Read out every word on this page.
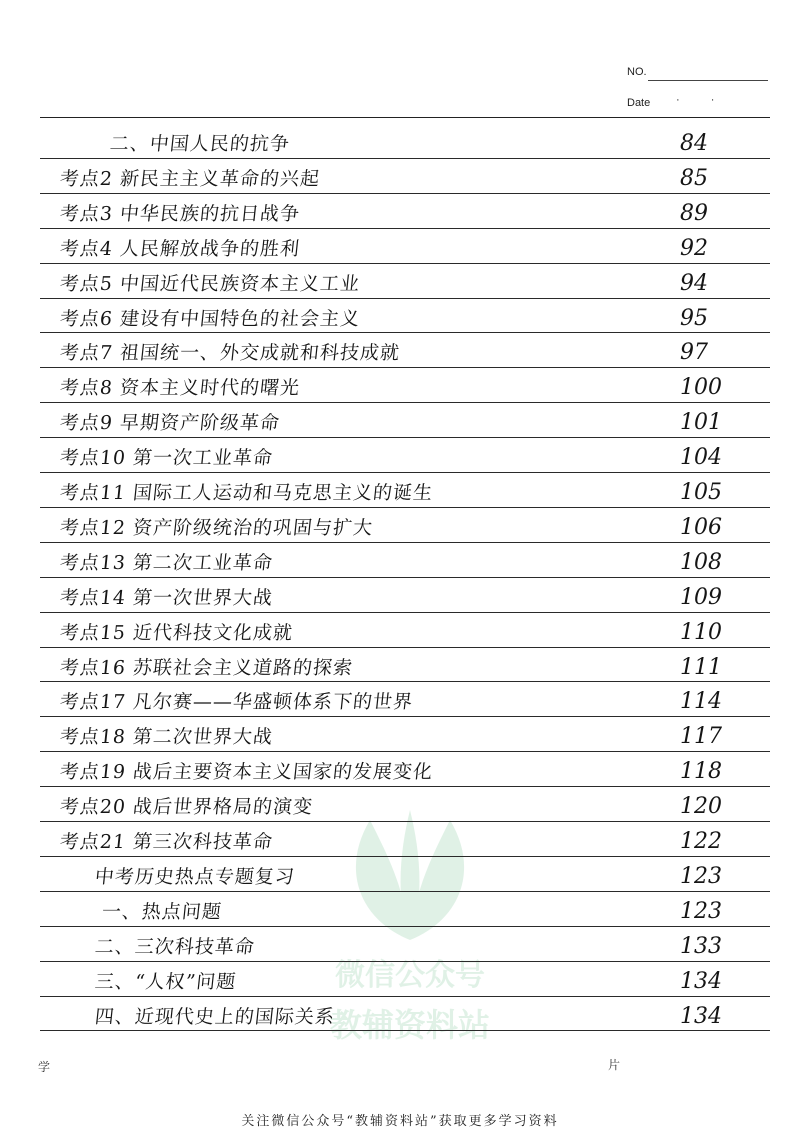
NO.
Date · ·
微信公众号
教辅资料站
二、中国人民的抗争	84
考点2 新民主主义革命的兴起	85
考点3 中华民族的抗日战争	89
考点4 人民解放战争的胜利	92
考点5 中国近代民族资本主义工业	94
考点6 建设有中国特色的社会主义	95
考点7 祖国统一、外交成就和科技成就	97
考点8 资本主义时代的曙光	100
考点9 早期资产阶级革命	101
考点10 第一次工业革命	104
考点11 国际工人运动和马克思主义的诞生	105
考点12 资产阶级统治的巩固与扩大	106
考点13 第二次工业革命	108
考点14 第一次世界大战	109
考点15 近代科技文化成就	110
考点16 苏联社会主义道路的探索	111
考点17 凡尔赛——华盛顿体系下的世界	114
考点18 第二次世界大战	117
考点19 战后主要资本主义国家的发展变化	118
考点20 战后世界格局的演变	120
考点21 第三次科技革命	122
中考历史热点专题复习	123
一、热点问题	123
二、三次科技革命	133
三、“人权”问题	134
四、近现代史上的国际关系	134
学	片
关注微信公众号“教辅资料站”获取更多学习资料
